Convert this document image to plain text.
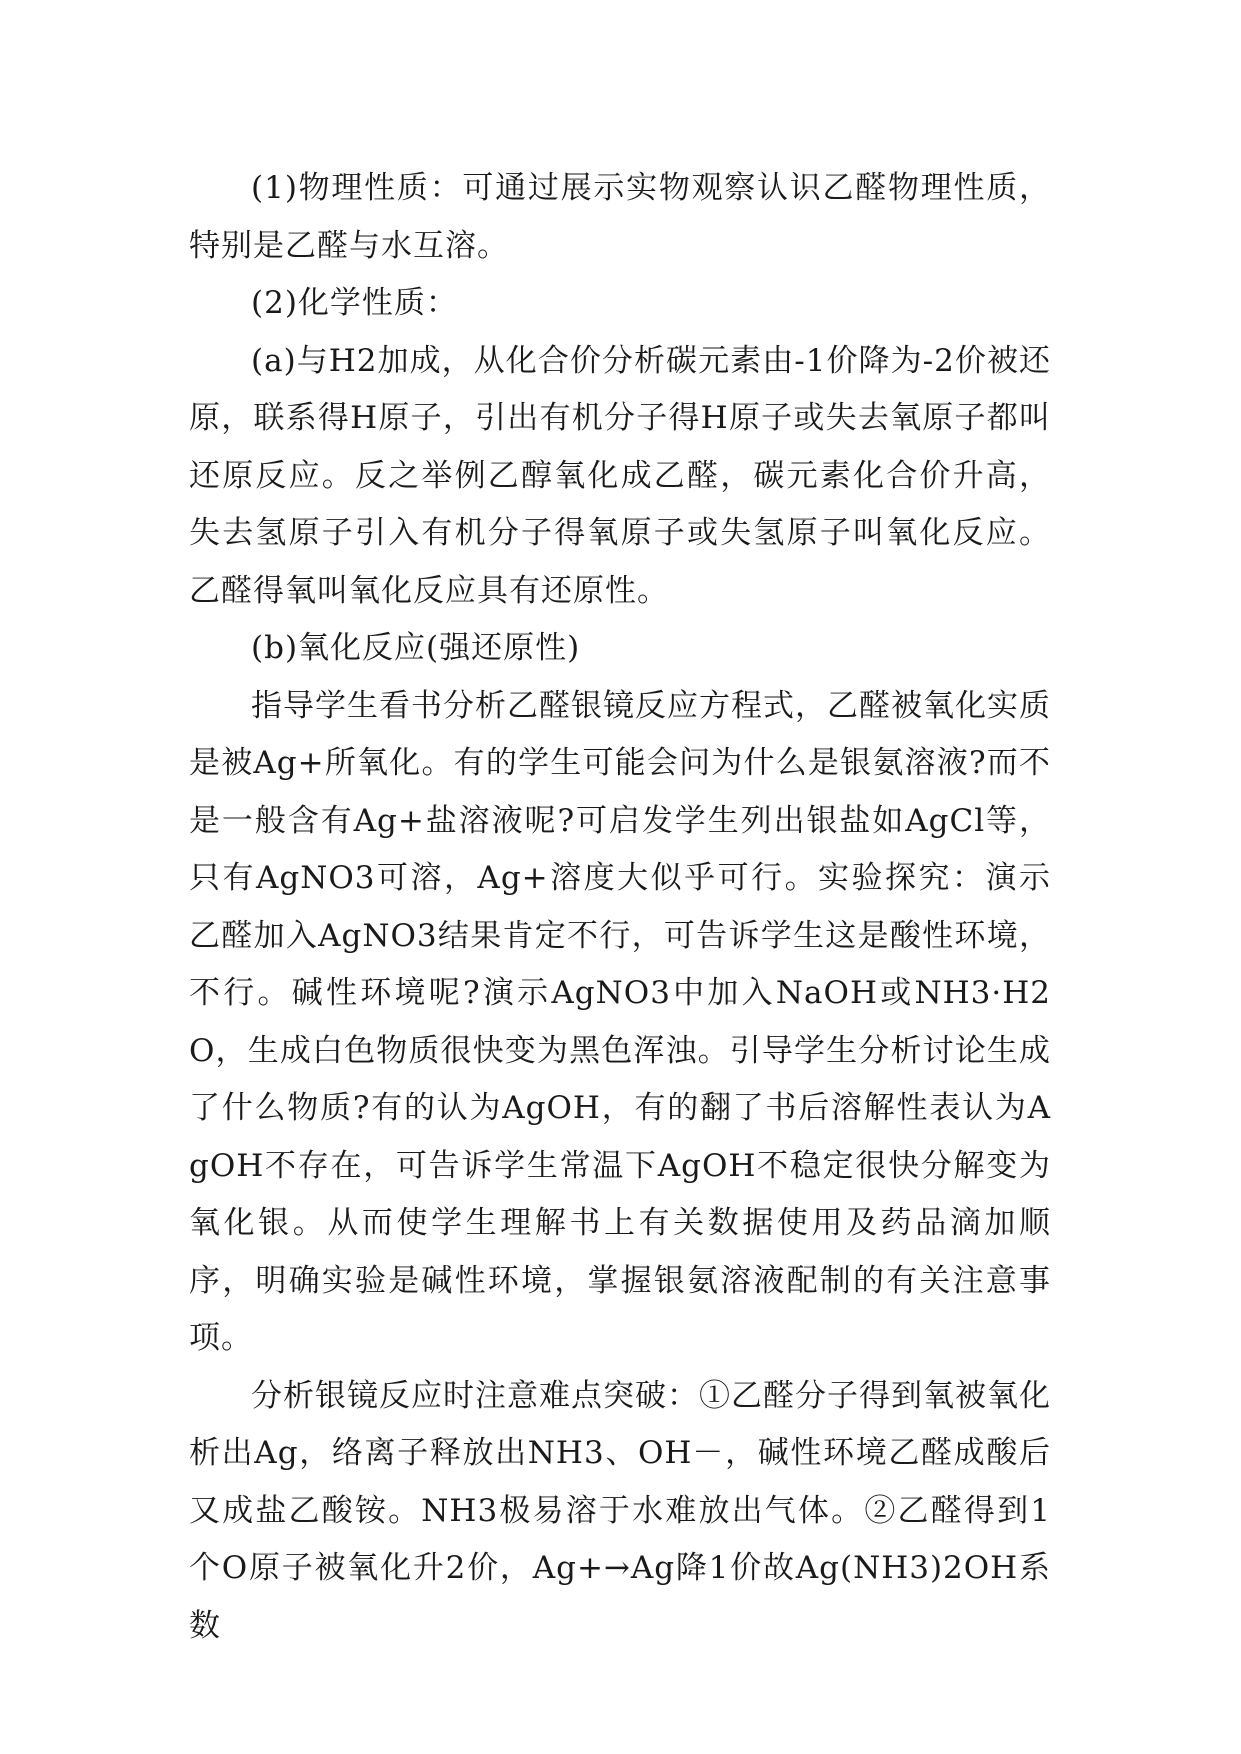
(1)物理性质：可通过展示实物观察认识乙醛物理性质，特别是乙醛与水互溶。

(2)化学性质：

(a)与H2加成，从化合价分析碳元素由-1价降为-2价被还原，联系得H原子，引出有机分子得H原子或失去氧原子都叫还原反应。反之举例乙醇氧化成乙醛，碳元素化合价升高，失去氢原子引入有机分子得氧原子或失氢原子叫氧化反应。乙醛得氧叫氧化反应具有还原性。

(b)氧化反应(强还原性)

指导学生看书分析乙醛银镜反应方程式，乙醛被氧化实质是被Ag+所氧化。有的学生可能会问为什么是银氨溶液?而不是一般含有Ag+盐溶液呢?可启发学生列出银盐如AgCl等，只有AgNO3可溶，Ag+溶度大似乎可行。实验探究：演示乙醛加入AgNO3结果肯定不行，可告诉学生这是酸性环境，不行。碱性环境呢?演示AgNO3中加入NaOH或NH3·H2O，生成白色物质很快变为黑色浑浊。引导学生分析讨论生成了什么物质?有的认为AgOH，有的翻了书后溶解性表认为AgOH不存在，可告诉学生常温下AgOH不稳定很快分解变为氧化银。从而使学生理解书上有关数据使用及药品滴加顺序，明确实验是碱性环境，掌握银氨溶液配制的有关注意事项。

分析银镜反应时注意难点突破：①乙醛分子得到氧被氧化析出Ag，络离子释放出NH3、OH－，碱性环境乙醛成酸后又成盐乙酸铵。NH3极易溶于水难放出气体。②乙醛得到1个O原子被氧化升2价，Ag+→Ag降1价故Ag(NH3)2OH系数
